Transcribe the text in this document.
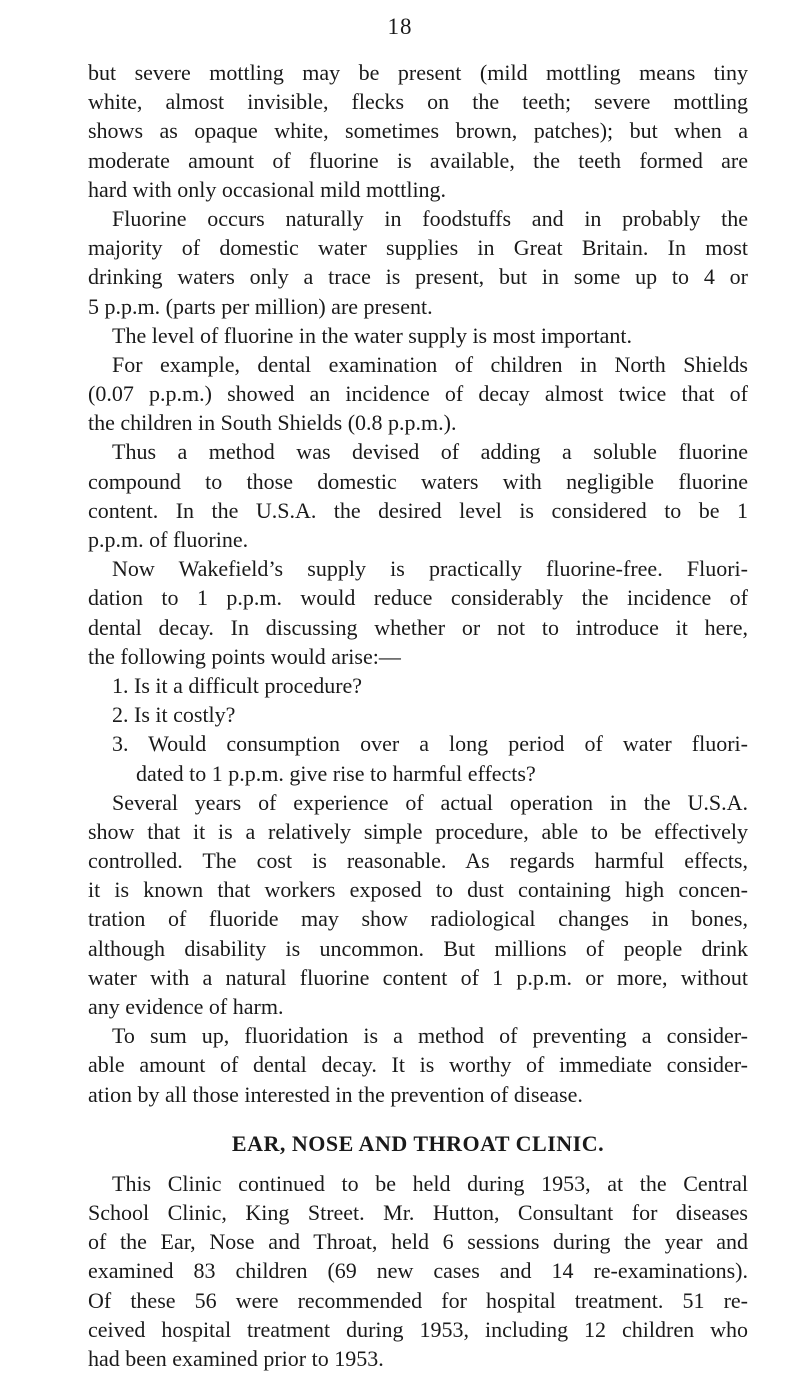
18
but severe mottling may be present (mild mottling means tiny
white, almost invisible, flecks on the teeth; severe mottling
shows as opaque white, sometimes brown, patches); but when a
moderate amount of fluorine is available, the teeth formed are
hard with only occasional mild mottling.
Fluorine occurs naturally in foodstuffs and in probably the
majority of domestic water supplies in Great Britain. In most
drinking waters only a trace is present, but in some up to 4 or
5 p.p.m. (parts per million) are present.
The level of fluorine in the water supply is most important.
For example, dental examination of children in North Shields
(0.07 p.p.m.) showed an incidence of decay almost twice that of
the children in South Shields (0.8 p.p.m.).
Thus a method was devised of adding a soluble fluorine
compound to those domestic waters with negligible fluorine
content. In the U.S.A. the desired level is considered to be 1
p.p.m. of fluorine.
Now Wakefield’s supply is practically fluorine-free. Fluori-
dation to 1 p.p.m. would reduce considerably the incidence of
dental decay. In discussing whether or not to introduce it here,
the following points would arise:—
1. Is it a difficult procedure?
2. Is it costly?
3. Would consumption over a long period of water fluori-
dated to 1 p.p.m. give rise to harmful effects?
Several years of experience of actual operation in the U.S.A.
show that it is a relatively simple procedure, able to be effectively
controlled. The cost is reasonable. As regards harmful effects,
it is known that workers exposed to dust containing high concen-
tration of fluoride may show radiological changes in bones,
although disability is uncommon. But millions of people drink
water with a natural fluorine content of 1 p.p.m. or more, without
any evidence of harm.
To sum up, fluoridation is a method of preventing a consider-
able amount of dental decay. It is worthy of immediate consider-
ation by all those interested in the prevention of disease.
EAR, NOSE AND THROAT CLINIC.
This Clinic continued to be held during 1953, at the Central
School Clinic, King Street. Mr. Hutton, Consultant for diseases
of the Ear, Nose and Throat, held 6 sessions during the year and
examined 83 children (69 new cases and 14 re-examinations).
Of these 56 were recommended for hospital treatment. 51 re-
ceived hospital treatment during 1953, including 12 children who
had been examined prior to 1953.
